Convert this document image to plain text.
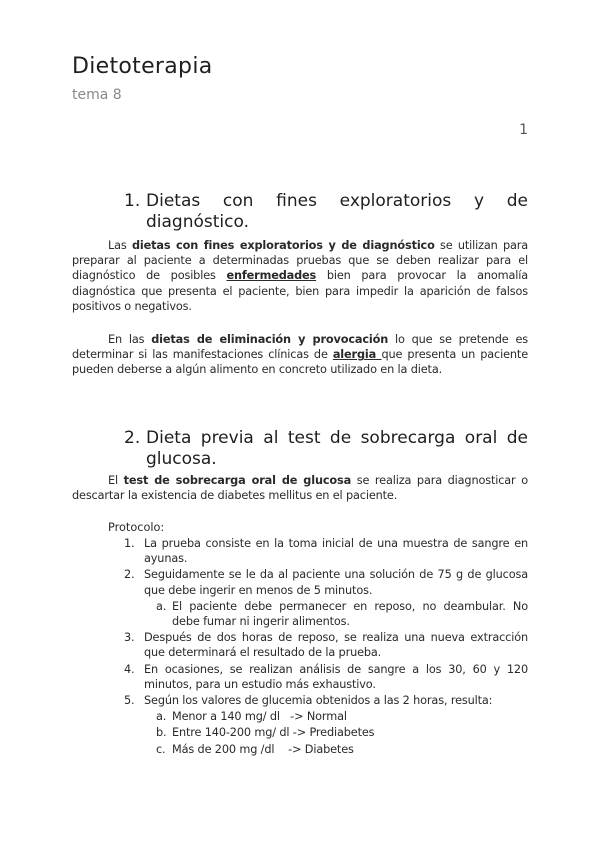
Dietoterapia
tema 8
1
1. Dietas con fines exploratorios y de
diagnóstico.

Las dietas con fines exploratorios y de diagnóstico se utilizan para preparar al paciente a determinadas pruebas que se deben realizar para el diagnóstico de posibles enfermedades bien para provocar la anomalía diagnóstica que presenta el paciente, bien para impedir la aparición de falsos positivos o negativos.

En las dietas de eliminación y provocación lo que se pretende es determinar si las manifestaciones clínicas de alergia que presenta un paciente pueden deberse a algún alimento en concreto utilizado en la dieta.

2. Dieta previa al test de sobrecarga oral de
glucosa.

El test de sobrecarga oral de glucosa se realiza para diagnosticar o descartar la existencia de diabetes mellitus en el paciente.

Protocolo:
1. La prueba consiste en la toma inicial de una muestra de sangre en ayunas.
2. Seguidamente se le da al paciente una solución de 75 g de glucosa que debe ingerir en menos de 5 minutos.
a. El paciente debe permanecer en reposo, no deambular. No debe fumar ni ingerir alimentos.
3. Después de dos horas de reposo, se realiza una nueva extracción que determinará el resultado de la prueba.
4. En ocasiones, se realizan análisis de sangre a los 30, 60 y 120 minutos, para un estudio más exhaustivo.
5. Según los valores de glucemia obtenidos a las 2 horas, resulta:
a. Menor a 140 mg/ dl   -> Normal
b. Entre 140-200 mg/ dl -> Prediabetes
c. Más de 200 mg /dl    -> Diabetes
